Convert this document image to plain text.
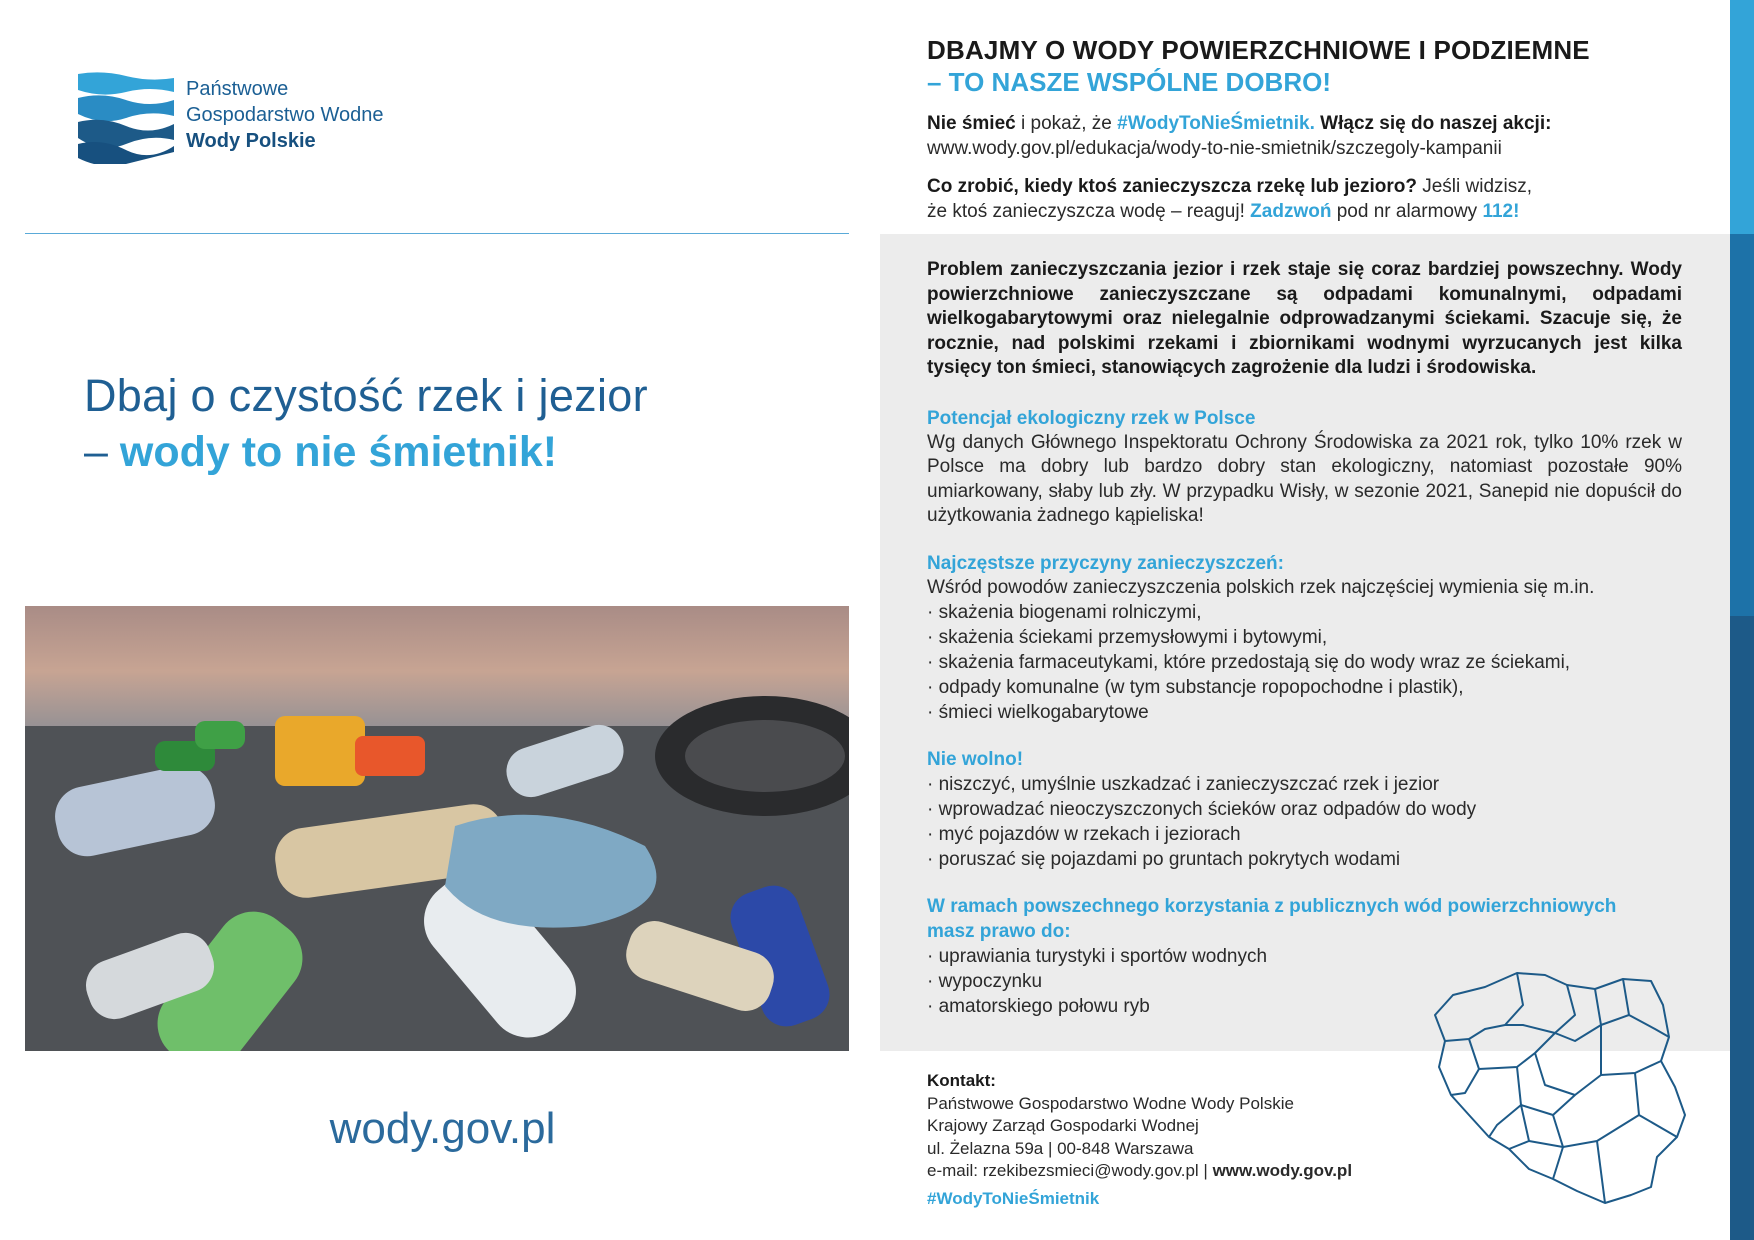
Państwowe
Gospodarstwo Wodne
Wody Polskie
Dbaj o czystość rzek i jezior
– wody to nie śmietnik!
wody.gov.pl
DBAJMY O WODY POWIERZCHNIOWE I PODZIEMNE
– TO NASZE WSPÓLNE DOBRO!
Nie śmieć i pokaż, że #WodyToNieŚmietnik. Włącz się do naszej akcji:
www.wody.gov.pl/edukacja/wody-to-nie-smietnik/szczegoly-kampanii
Co zrobić, kiedy ktoś zanieczyszcza rzekę lub jezioro? Jeśli widzisz,
że ktoś zanieczyszcza wodę – reaguj! Zadzwoń pod nr alarmowy 112!
Problem zanieczyszczania jezior i rzek staje się coraz bardziej powszechny. Wody powierzchniowe zanieczyszczane są odpadami komunalnymi, odpadami wielkogabarytowymi oraz nielegalnie odprowadzanymi ściekami. Szacuje się, że rocznie, nad polskimi rzekami i zbiornikami wodnymi wyrzucanych jest kilka tysięcy ton śmieci, stanowiących zagrożenie dla ludzi i środowiska.
Potencjał ekologiczny rzek w Polsce
Wg danych Głównego Inspektoratu Ochrony Środowiska za 2021 rok, tylko 10% rzek w Polsce ma dobry lub bardzo dobry stan ekologiczny, natomiast pozostałe 90% umiarkowany, słaby lub zły. W przypadku Wisły, w sezonie 2021, Sanepid nie dopuścił do użytkowania żadnego kąpieliska!
Najczęstsze przyczyny zanieczyszczeń:
Wśród powodów zanieczyszczenia polskich rzek najczęściej wymienia się m.in.
· skażenia biogenami rolniczymi,
· skażenia ściekami przemysłowymi i bytowymi,
· skażenia farmaceutykami, które przedostają się do wody wraz ze ściekami,
· odpady komunalne (w tym substancje ropopochodne i plastik),
· śmieci wielkogabarytowe
Nie wolno!
· niszczyć, umyślnie uszkadzać i zanieczyszczać rzek i jezior
· wprowadzać nieoczyszczonych ścieków oraz odpadów do wody
· myć pojazdów w rzekach i jeziorach
· poruszać się pojazdami po gruntach pokrytych wodami
W ramach powszechnego korzystania z publicznych wód powierzchniowych
masz prawo do:
· uprawiania turystyki i sportów wodnych
· wypoczynku
· amatorskiego połowu ryb
Kontakt:
Państwowe Gospodarstwo Wodne Wody Polskie
Krajowy Zarząd Gospodarki Wodnej
ul. Żelazna 59a | 00-848 Warszawa
e-mail: rzekibezsmieci@wody.gov.pl | www.wody.gov.pl
#WodyToNieŚmietnik
